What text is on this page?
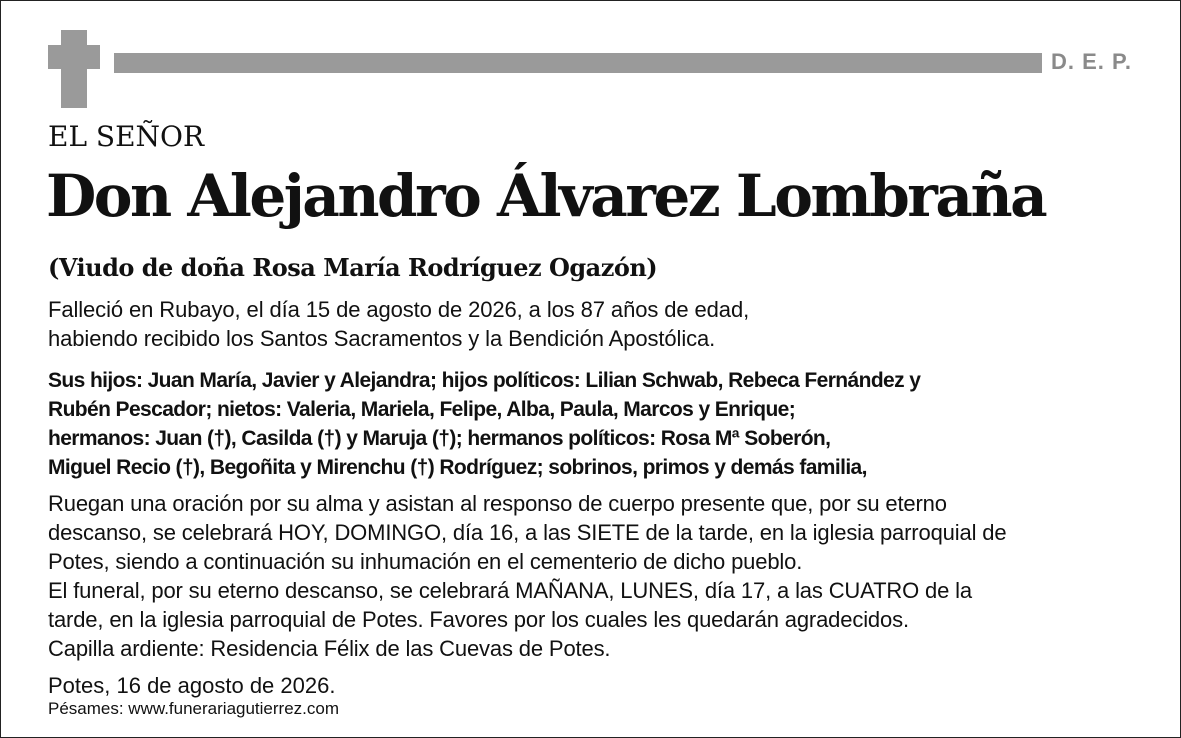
D. E. P.
EL SEÑOR
Don Alejandro Álvarez Lombraña
(Viudo de doña Rosa María Rodríguez Ogazón)
Falleció en Rubayo, el día 15 de agosto de 2026, a los 87 años de edad,
habiendo recibido los Santos Sacramentos y la Bendición Apostólica.
Sus hijos: Juan María, Javier y Alejandra; hijos políticos: Lilian Schwab, Rebeca Fernández y
Rubén Pescador; nietos: Valeria, Mariela, Felipe, Alba, Paula, Marcos y Enrique;
hermanos: Juan (†), Casilda (†) y Maruja (†); hermanos políticos: Rosa Mª Soberón,
Miguel Recio (†), Begoñita y Mirenchu (†) Rodríguez; sobrinos, primos y demás familia,
Ruegan una oración por su alma y asistan al responso de cuerpo presente que, por su eterno
descanso, se celebrará HOY, DOMINGO, día 16, a las SIETE de la tarde, en la iglesia parroquial de
Potes, siendo a continuación su inhumación en el cementerio de dicho pueblo.
El funeral, por su eterno descanso, se celebrará MAÑANA, LUNES, día 17, a las CUATRO de la
tarde, en la iglesia parroquial de Potes. Favores por los cuales les quedarán agradecidos.
Capilla ardiente: Residencia Félix de las Cuevas de Potes.
Potes, 16 de agosto de 2026.
Pésames: www.funerariagutierrez.com
